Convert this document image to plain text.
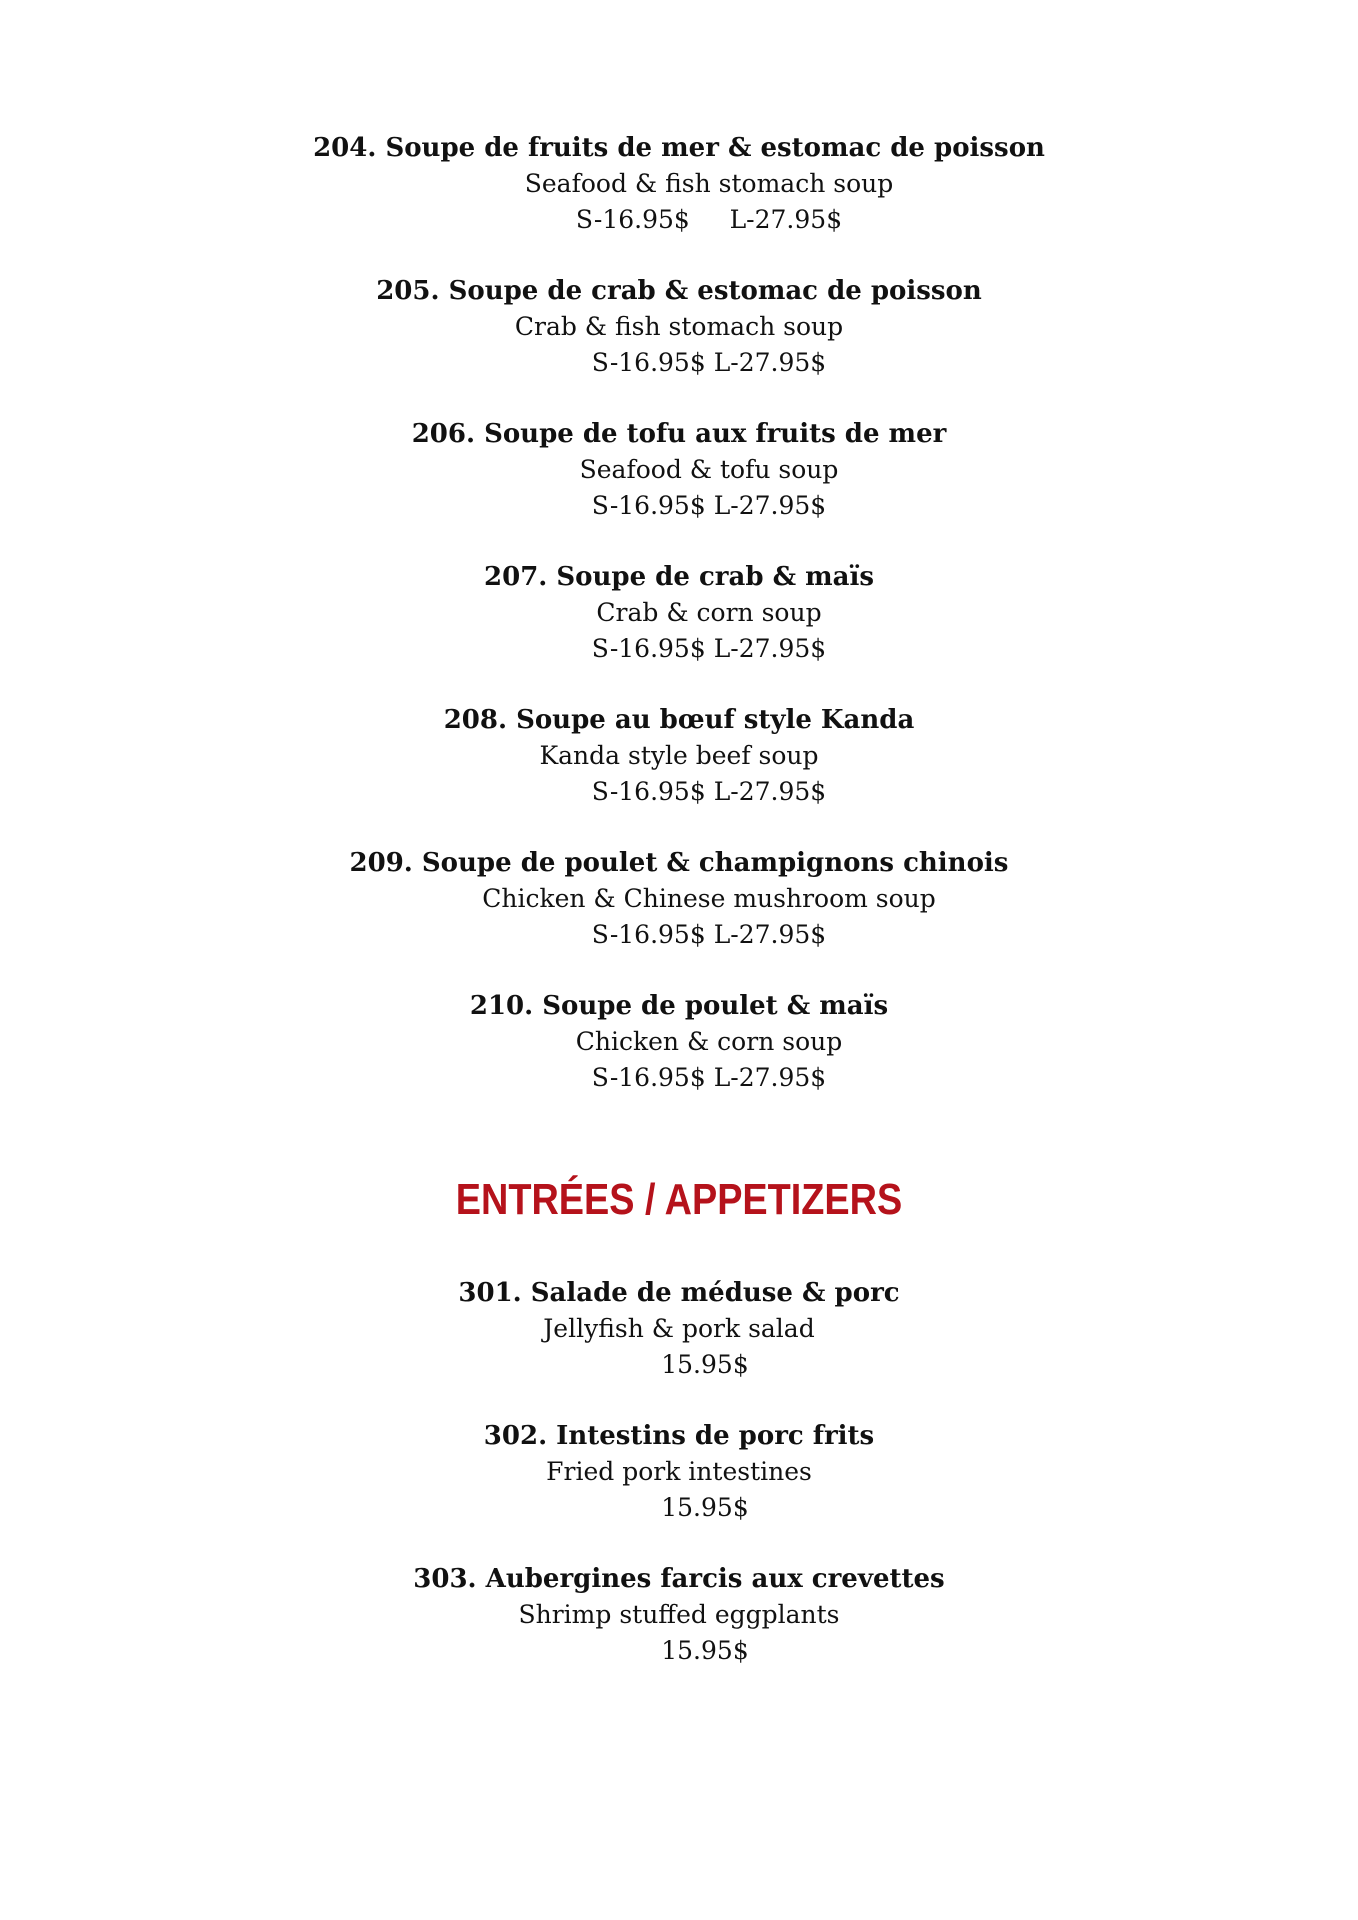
204. Soupe de fruits de mer & estomac de poisson
Seafood & fish stomach soup
S-16.95$     L-27.95$
205. Soupe de crab & estomac de poisson
Crab & fish stomach soup
S-16.95$ L-27.95$
206. Soupe de tofu aux fruits de mer
Seafood & tofu soup
S-16.95$ L-27.95$
207. Soupe de crab & maïs
Crab & corn soup
S-16.95$ L-27.95$
208. Soupe au bœuf style Kanda
Kanda style beef soup
S-16.95$ L-27.95$
209. Soupe de poulet & champignons chinois
Chicken & Chinese mushroom soup
S-16.95$ L-27.95$
210. Soupe de poulet & maïs
Chicken & corn soup
S-16.95$ L-27.95$
ENTRÉES / APPETIZERS
301. Salade de méduse & porc
Jellyfish & pork salad
15.95$
302. Intestins de porc frits
Fried pork intestines
15.95$
303. Aubergines farcis aux crevettes
Shrimp stuffed eggplants
15.95$
